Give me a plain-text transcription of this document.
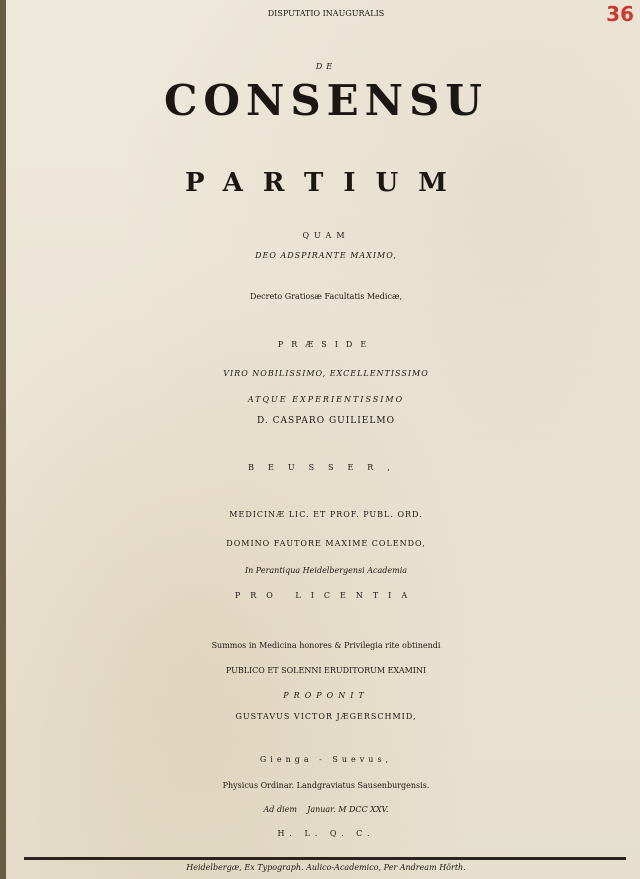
36
DISPUTATIO INAUGURALIS
DE
CONSENSU
PARTIUM
QUAM
DEO ADSPIRANTE MAXIMO,
Decreto Gratiosæ Facultatis Medicæ,
PRÆSIDE
VIRO NOBILISSIMO, EXCELLENTISSIMO
ATQUE EXPERIENTISSIMO
D. CASPARO GUILIELMO
BEUSSER,
MEDICINÆ LIC. ET PROF. PUBL. ORD.
DOMINO FAUTORE MAXIME COLENDO,
In Perantiqua Heidelbergensi Academia
PRO LICENTIA
Summos in Medicina honores & Privilegia rite obtinendi
PUBLICO ET SOLENNI ERUDITORUM EXAMINI
PROPONIT
GUSTAVUS VICTOR JÆGERSCHMID,
Gienga - Suevus,
Physicus Ordinar. Landgraviatus Sausenburgensis.
Ad diem    Januar. M DCC XXV.
H. L. Q. C.
Heidelbergæ, Ex Typograph. Aulico-Academico, Per Andream Hörth.
